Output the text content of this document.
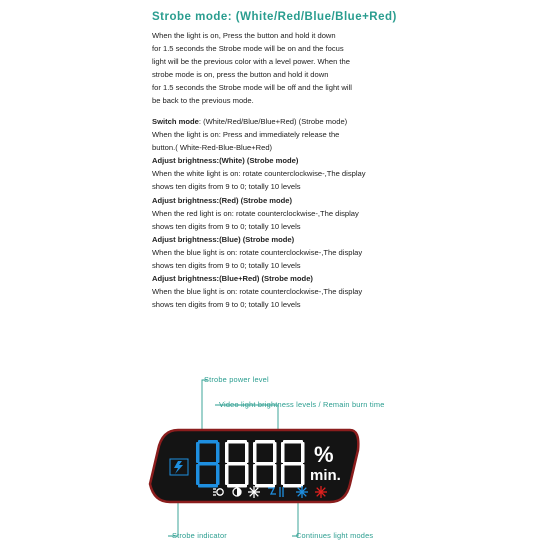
Strobe mode: (White/Red/Blue/Blue+Red)

When the light is on, Press the button and hold it down

for 1.5 seconds the Strobe mode will be on and the focus

light will be the previous color with a level power. When the

strobe mode is on, press the button and hold it down

for 1.5 seconds the Strobe mode will be off and the light will

be back to the previous mode.

Switch mode: (White/Red/Blue/Blue+Red) (Strobe mode)

When the light is on: Press and immediately release the

button.( White-Red-Blue-Blue+Red)

Adjust brightness:(White) (Strobe mode)

When the white light is on: rotate counterclockwise-,The display

shows ten digits from 9 to 0; totally 10 levels

Adjust brightness:(Red) (Strobe mode)

When the red light is on: rotate counterclockwise-,The display

shows ten digits from 9 to 0; totally 10 levels

Adjust brightness:(Blue) (Strobe mode)

When the blue light is on: rotate counterclockwise-,The display

shows ten digits from 9 to 0; totally 10 levels

Adjust brightness:(Blue+Red) (Strobe mode)

When the blue light is on: rotate counterclockwise-,The display

shows ten digits from 9 to 0; totally 10 levels

%
min.
Strobe power level
Video light brightness levels / Remain burn time
Strobe indicator	Continues light modes
